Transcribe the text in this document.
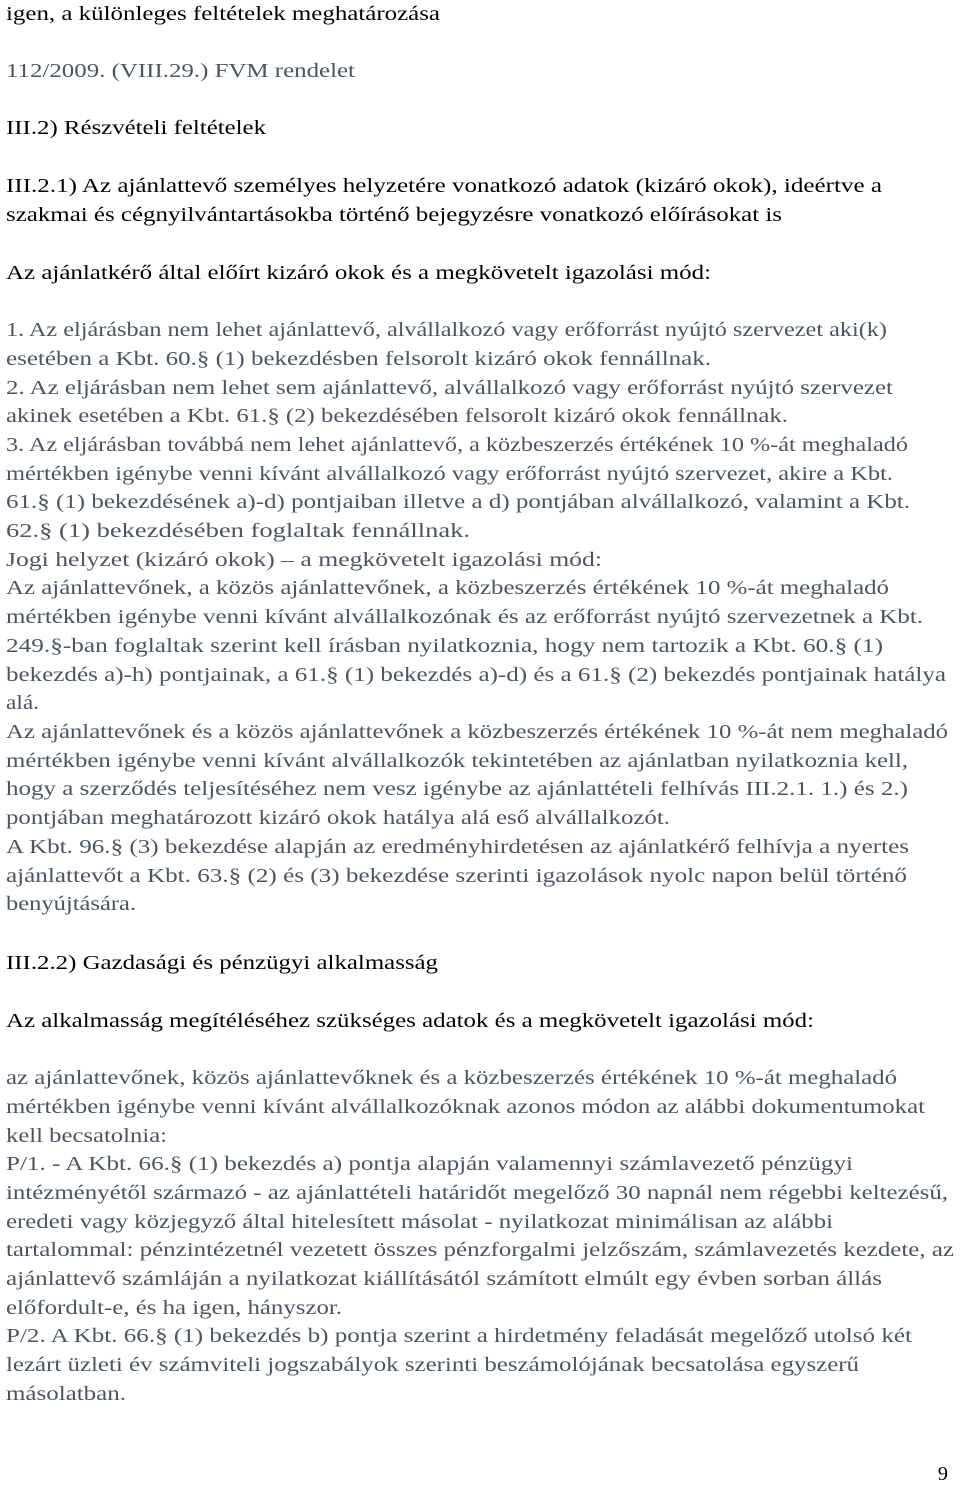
igen, a különleges feltételek meghatározása
112/2009. (VIII.29.) FVM rendelet
III.2) Részvételi feltételek
III.2.1) Az ajánlattevő személyes helyzetére vonatkozó adatok (kizáró okok), ideértve a
szakmai és cégnyilvántartásokba történő bejegyzésre vonatkozó előírásokat is
Az ajánlatkérő által előírt kizáró okok és a megkövetelt igazolási mód:
1. Az eljárásban nem lehet ajánlattevő, alvállalkozó vagy erőforrást nyújtó szervezet aki(k)
esetében a Kbt. 60.§ (1) bekezdésben felsorolt kizáró okok fennállnak.
2. Az eljárásban nem lehet sem ajánlattevő, alvállalkozó vagy erőforrást nyújtó szervezet
akinek esetében a Kbt. 61.§ (2) bekezdésében felsorolt kizáró okok fennállnak.
3. Az eljárásban továbbá nem lehet ajánlattevő, a közbeszerzés értékének 10 %-át meghaladó
mértékben igénybe venni kívánt alvállalkozó vagy erőforrást nyújtó szervezet, akire a Kbt.
61.§ (1) bekezdésének a)-d) pontjaiban illetve a d) pontjában alvállalkozó, valamint a Kbt.
62.§ (1) bekezdésében foglaltak fennállnak.
Jogi helyzet (kizáró okok) – a megkövetelt igazolási mód:
Az ajánlattevőnek, a közös ajánlattevőnek, a közbeszerzés értékének 10 %-át meghaladó
mértékben igénybe venni kívánt alvállalkozónak és az erőforrást nyújtó szervezetnek a Kbt.
249.§-ban foglaltak szerint kell írásban nyilatkoznia, hogy nem tartozik a Kbt. 60.§ (1)
bekezdés a)-h) pontjainak, a 61.§ (1) bekezdés a)-d) és a 61.§ (2) bekezdés pontjainak hatálya
alá.
Az ajánlattevőnek és a közös ajánlattevőnek a közbeszerzés értékének 10 %-át nem meghaladó
mértékben igénybe venni kívánt alvállalkozók tekintetében az ajánlatban nyilatkoznia kell,
hogy a szerződés teljesítéséhez nem vesz igénybe az ajánlattételi felhívás III.2.1. 1.) és 2.)
pontjában meghatározott kizáró okok hatálya alá eső alvállalkozót.
A Kbt. 96.§ (3) bekezdése alapján az eredményhirdetésen az ajánlatkérő felhívja a nyertes
ajánlattevőt a Kbt. 63.§ (2) és (3) bekezdése szerinti igazolások nyolc napon belül történő
benyújtására.
III.2.2) Gazdasági és pénzügyi alkalmasság
Az alkalmasság megítéléséhez szükséges adatok és a megkövetelt igazolási mód:
az ajánlattevőnek, közös ajánlattevőknek és a közbeszerzés értékének 10 %-át meghaladó
mértékben igénybe venni kívánt alvállalkozóknak azonos módon az alábbi dokumentumokat
kell becsatolnia:
P/1. - A Kbt. 66.§ (1) bekezdés a) pontja alapján valamennyi számlavezető pénzügyi
intézményétől származó - az ajánlattételi határidőt megelőző 30 napnál nem régebbi keltezésű,
eredeti vagy közjegyző által hitelesített másolat - nyilatkozat minimálisan az alábbi
tartalommal: pénzintézetnél vezetett összes pénzforgalmi jelzőszám, számlavezetés kezdete, az
ajánlattevő számláján a nyilatkozat kiállításától számított elmúlt egy évben sorban állás
előfordult-e, és ha igen, hányszor.
P/2. A Kbt. 66.§ (1) bekezdés b) pontja szerint a hirdetmény feladását megelőző utolsó két
lezárt üzleti év számviteli jogszabályok szerinti beszámolójának becsatolása egyszerű
másolatban.
9
